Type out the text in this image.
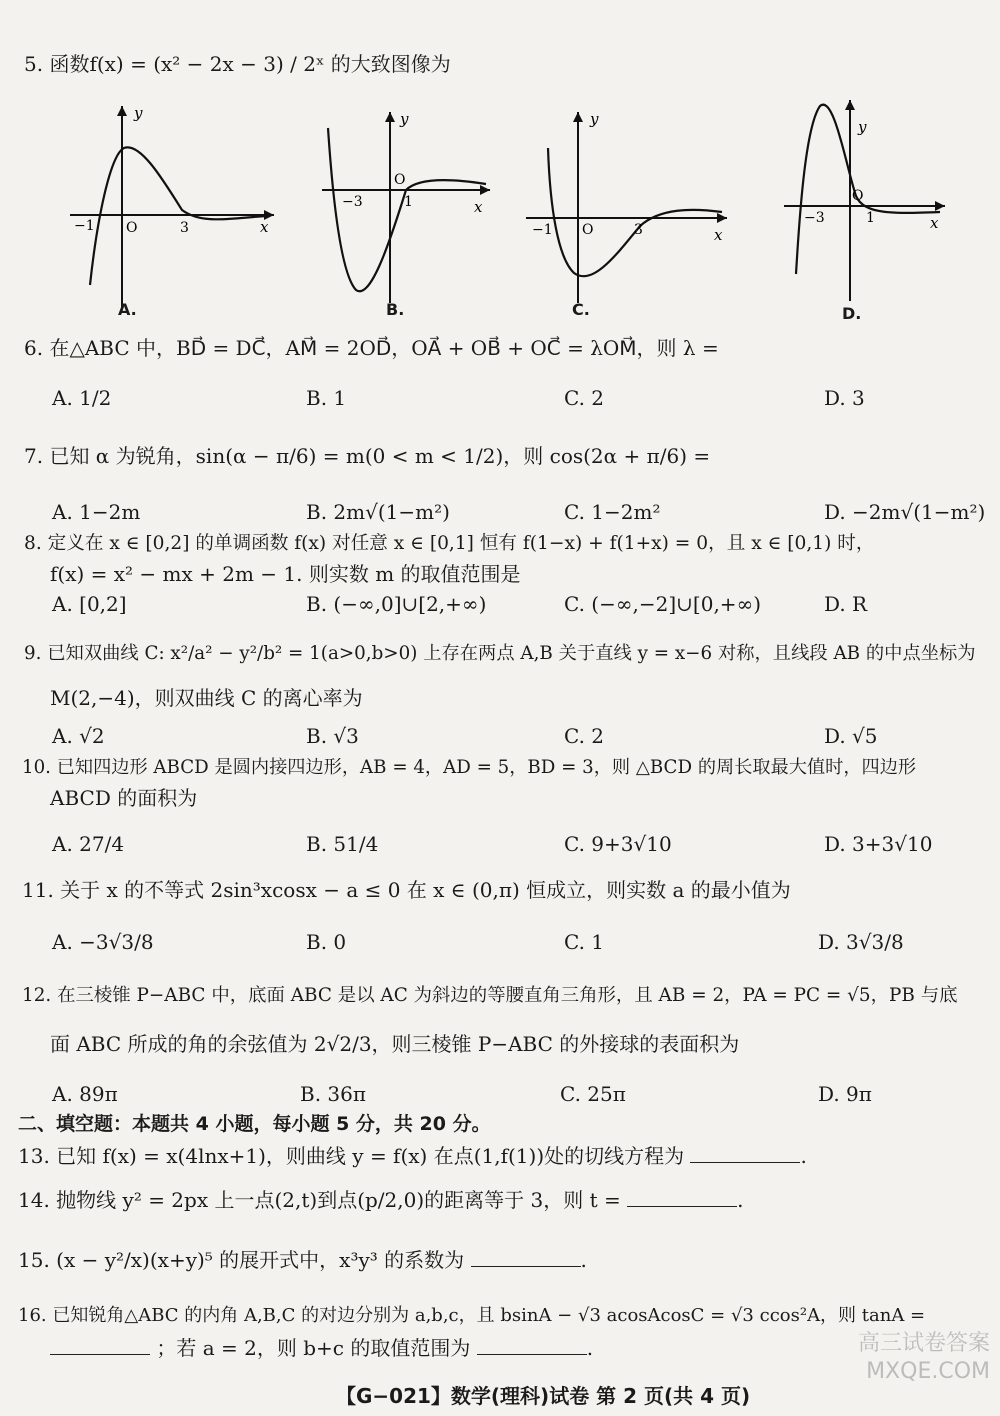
5. 函数f(x) = (x² − 2x − 3) / 2ˣ 的大致图像为
y
x
−1 O	3
A.
y
x
−3
O
1
B.
y
x
−1 O	3
C.
y
x
−3
O
1
D.
6. 在△ABC 中，BD⃗ = DC⃗，AM⃗ = 2OD⃗，OA⃗ + OB⃗ + OC⃗ = λOM⃗，则 λ =
A. 1/2	B. 1	C. 2	D. 3
7. 已知 α 为锐角，sin(α − π/6) = m(0 < m < 1/2)，则 cos(2α + π/6) =
A. 1−2m	B. 2m√(1−m²)	C. 1−2m²	D. −2m√(1−m²)
8. 定义在 x ∈ [0,2] 的单调函数 f(x) 对任意 x ∈ [0,1] 恒有 f(1−x) + f(1+x) = 0，且 x ∈ [0,1) 时，
f(x) = x² − mx + 2m − 1. 则实数 m 的取值范围是
A. [0,2]	B. (−∞,0]∪[2,+∞)	C. (−∞,−2]∪[0,+∞)	D. R
9. 已知双曲线 C: x²/a² − y²/b² = 1(a>0,b>0) 上存在两点 A,B 关于直线 y = x−6 对称，且线段 AB 的中点坐标为
M(2,−4)，则双曲线 C 的离心率为
A. √2	B. √3	C. 2	D. √5
10. 已知四边形 ABCD 是圆内接四边形，AB = 4，AD = 5，BD = 3，则 △BCD 的周长取最大值时，四边形
ABCD 的面积为
A. 27/4	B. 51/4	C. 9+3√10	D. 3+3√10
11. 关于 x 的不等式 2sin³xcosx − a ≤ 0 在 x ∈ (0,π) 恒成立，则实数 a 的最小值为
A. −3√3/8	B. 0	C. 1	D. 3√3/8
12. 在三棱锥 P−ABC 中，底面 ABC 是以 AC 为斜边的等腰直角三角形，且 AB = 2，PA = PC = √5，PB 与底
面 ABC 所成的角的余弦值为 2√2/3，则三棱锥 P−ABC 的外接球的表面积为
A. 89π	B. 36π	C. 25π	D. 9π
二、填空题：本题共 4 小题，每小题 5 分，共 20 分。
13. 已知 f(x) = x(4lnx+1)，则曲线 y = f(x) 在点(1,f(1))处的切线方程为	.
14. 抛物线 y² = 2px 上一点(2,t)到点(p/2,0)的距离等于 3，则 t =	.
15. (x − y²/x)(x+y)⁵ 的展开式中，x³y³ 的系数为	.
16. 已知锐角△ABC 的内角 A,B,C 的对边分别为 a,b,c，且 bsinA − √3 acosAcosC = √3 ccos²A，则 tanA =
；若 a = 2，则 b+c 的取值范围为	.
【G−021】数学(理科)试卷 第 2 页(共 4 页)
高三试卷答案 MXQE.COM
